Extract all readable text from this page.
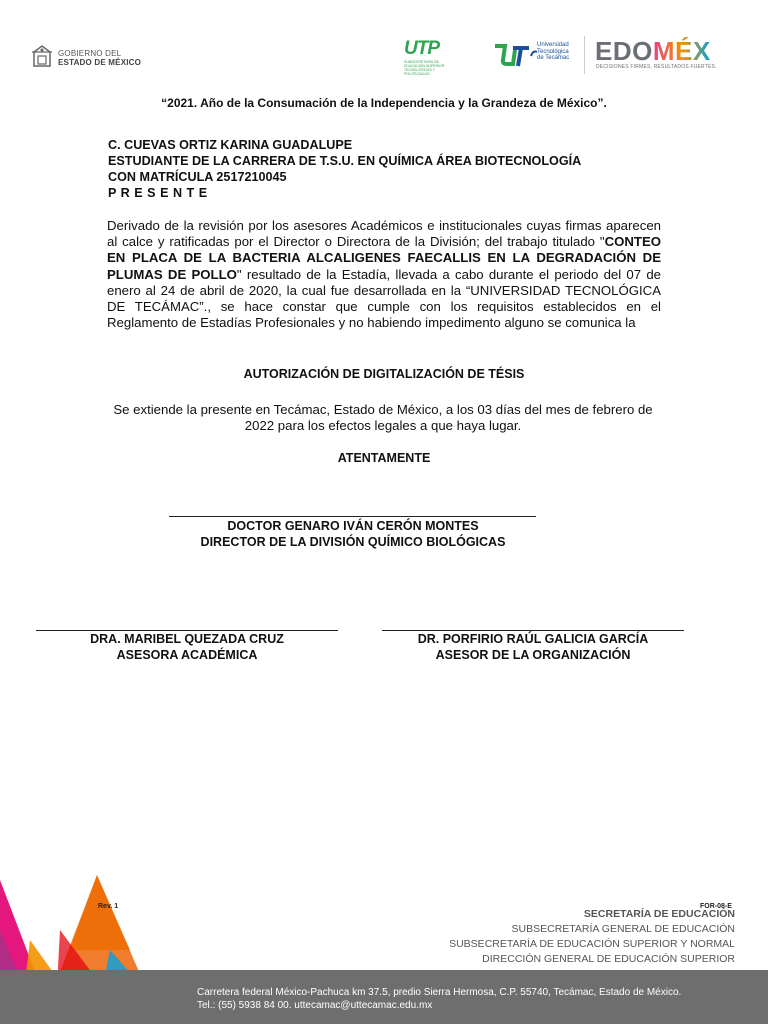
GOBIERNO DEL
ESTADO DE MÉXICO
UTP
SUBSECRETARÍA DE EDUCACIÓN SUPERIOR TECNOLÓGICAS Y POLITÉCNICAS
Universidad Tecnológica de Tecámac EDOMÉX
DECISIONES FIRMES, RESULTADOS FUERTES.
“2021. Año de la Consumación de la Independencia y la Grandeza de México”.
C. CUEVAS ORTIZ KARINA GUADALUPE
ESTUDIANTE DE LA CARRERA DE T.S.U. EN QUÍMICA ÁREA BIOTECNOLOGÍA
CON MATRÍCULA 2517210045
P R E S E N T E
Derivado de la revisión por los asesores Académicos e institucionales cuyas firmas aparecen al calce y ratificadas por el Director o Directora de la División; del trabajo titulado "CONTEO EN PLACA DE LA BACTERIA ALCALIGENES FAECALLIS EN LA DEGRADACIÓN DE PLUMAS DE POLLO" resultado de la Estadía, llevada a cabo durante el periodo del 07 de enero al 24 de abril de 2020, la cual fue desarrollada en la “UNIVERSIDAD TECNOLÓGICA DE TECÁMAC”., se hace constar que cumple con los requisitos establecidos en el Reglamento de Estadías Profesionales y no habiendo impedimento alguno se comunica la
AUTORIZACIÓN DE DIGITALIZACIÓN DE TÉSIS
Se extiende la presente en Tecámac, Estado de México, a los 03 días del mes de febrero de 2022 para los efectos legales a que haya lugar.
ATENTAMENTE
DOCTOR GENARO IVÁN CERÓN MONTES
DIRECTOR DE LA DIVISIÓN QUÍMICO BIOLÓGICAS
DRA. MARIBEL QUEZADA CRUZ
ASESORA ACADÉMICA
DR. PORFIRIO RAÚL GALICIA GARCÍA
ASESOR DE LA ORGANIZACIÓN
Rev. 1	FOR-08-E
SECRETARÍA DE EDUCACIÓN
SUBSECRETARÍA GENERAL DE EDUCACIÓN
SUBSECRETARÍA DE EDUCACIÓN SUPERIOR Y NORMAL
DIRECCIÓN GENERAL DE EDUCACIÓN SUPERIOR
Carretera federal México-Pachuca km 37.5, predio Sierra Hermosa, C.P. 55740, Tecámac, Estado de México.
Tel.: (55) 5938 84 00. uttecamac@uttecamac.edu.mx
